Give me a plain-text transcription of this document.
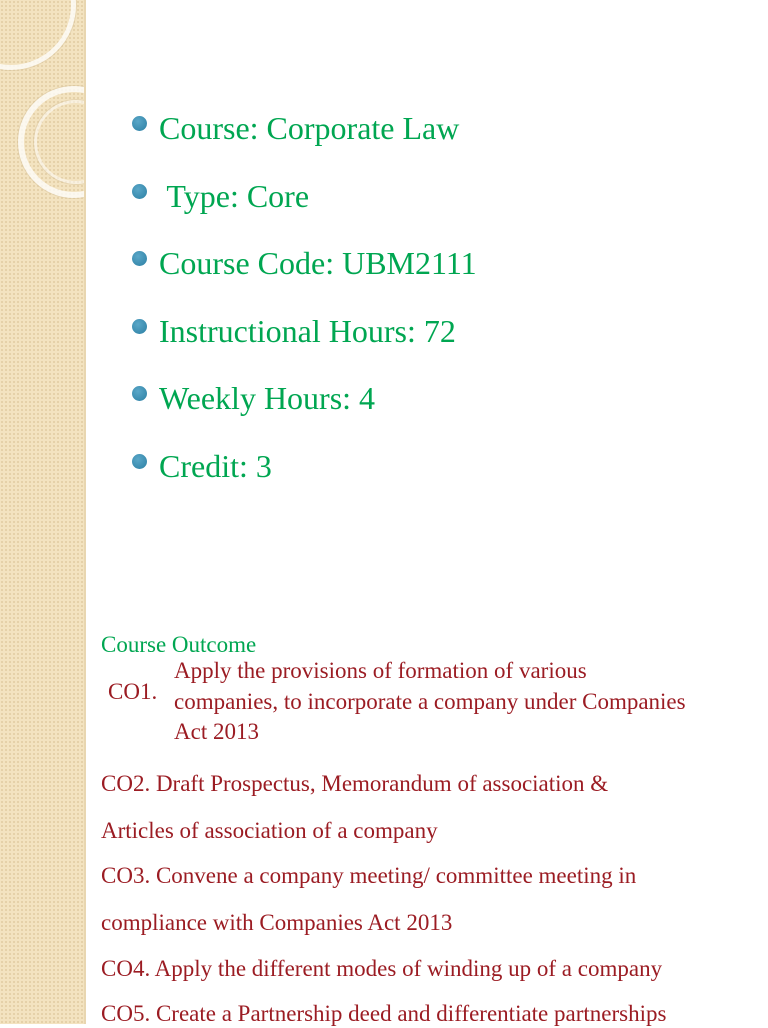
Course: Corporate Law
Type: Core
Course Code: UBM2111
Instructional Hours: 72
Weekly Hours: 4
Credit: 3
Course Outcome
CO1.
Apply the provisions of formation of various companies, to incorporate a company under Companies Act 2013
CO2. Draft Prospectus, Memorandum of association &
Articles of association of a company
CO3. Convene a company meeting/ committee meeting in
compliance with Companies Act 2013
CO4. Apply the different modes of winding up of a company
CO5. Create a Partnership deed and differentiate partnerships
